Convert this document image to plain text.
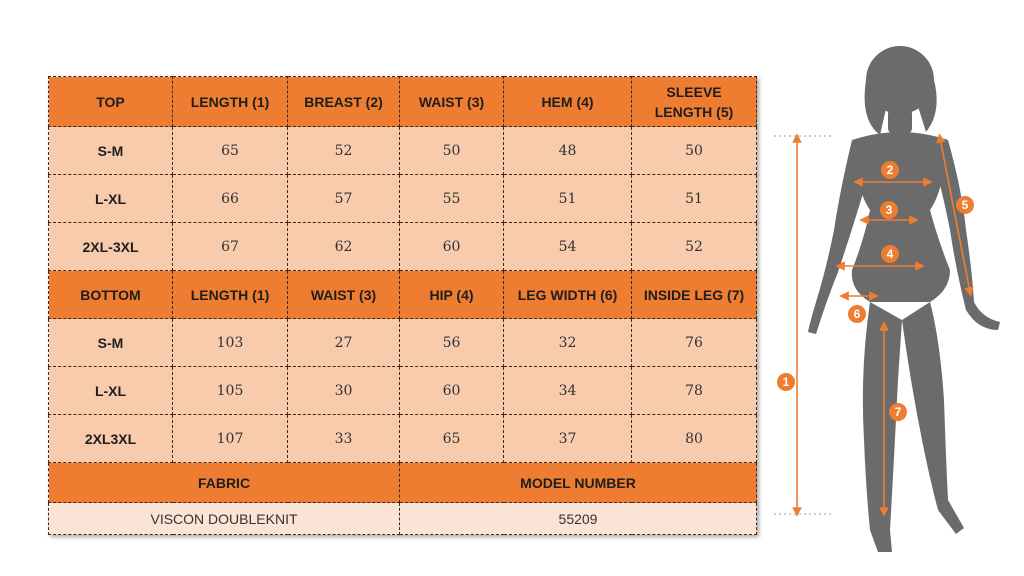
TOP	LENGTH (1)	BREAST (2)	WAIST (3)	HEM (4)	SLEEVE LENGTH (5)
S-M	65	52	50	48	50
L-XL	66	57	55	51	51
2XL-3XL	67	62	60	54	52
BOTTOM	LENGTH (1)	WAIST (3)	HIP (4)	LEG WIDTH (6)	INSIDE LEG (7)
S-M	103	27	56	32	76
L-XL	105	30	60	34	78
2XL3XL	107	33	65	37	80
FABRIC			MODEL NUMBER		
VISCON DOUBLEKNIT			55209		
1
2
3
4
5
6
7
